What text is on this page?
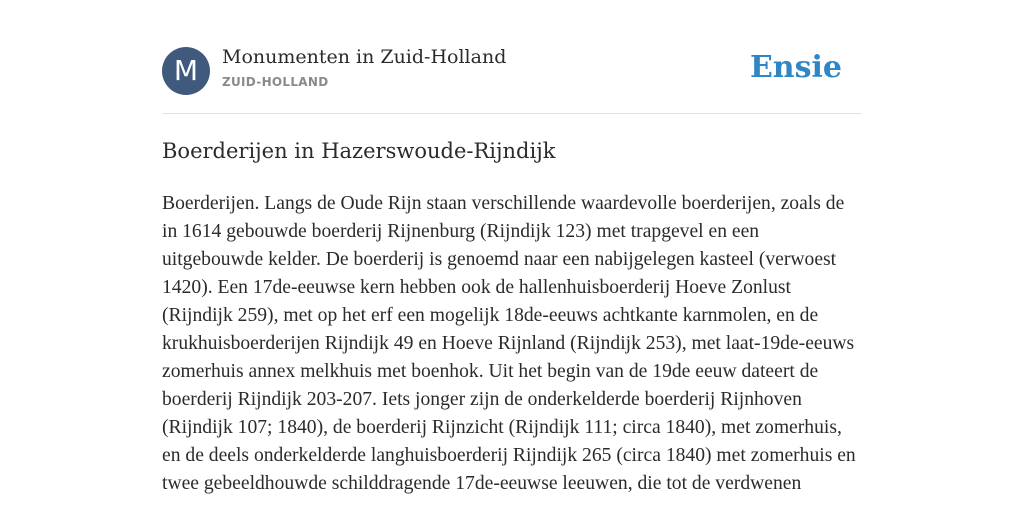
M	Monumenten in Zuid-Holland
ZUID-HOLLAND	Ensie
Boerderijen in Hazerswoude-Rijndijk

Boerderijen. Langs de Oude Rijn staan verschillende waardevolle boerderijen, zoals de in 1614 gebouwde boerderij Rijnenburg (Rijndijk 123) met trapgevel en een uitgebouwde kelder. De boerderij is genoemd naar een nabijgelegen kasteel (verwoest 1420). Een 17de-eeuwse kern hebben ook de hallenhuisboerderij Hoeve Zonlust (Rijndijk 259), met op het erf een mogelijk 18de-eeuws achtkante karnmolen, en de krukhuisboerderijen Rijndijk 49 en Hoeve Rijnland (Rijndijk 253), met laat-19de-eeuws zomerhuis annex melkhuis met boenhok. Uit het begin van de 19de eeuw dateert de boerderij Rijndijk 203-207. Iets jonger zijn de onderkelderde boerderij Rijnhoven (Rijndijk 107; 1840), de boerderij Rijnzicht (Rijndijk 111; circa 1840), met zomerhuis, en de deels onderkelderde langhuisboerderij Rijndijk 265 (circa 1840) met zomerhuis en twee gebeeldhouwde schilddragende 17de-eeuwse leeuwen, die tot de verdwenen
